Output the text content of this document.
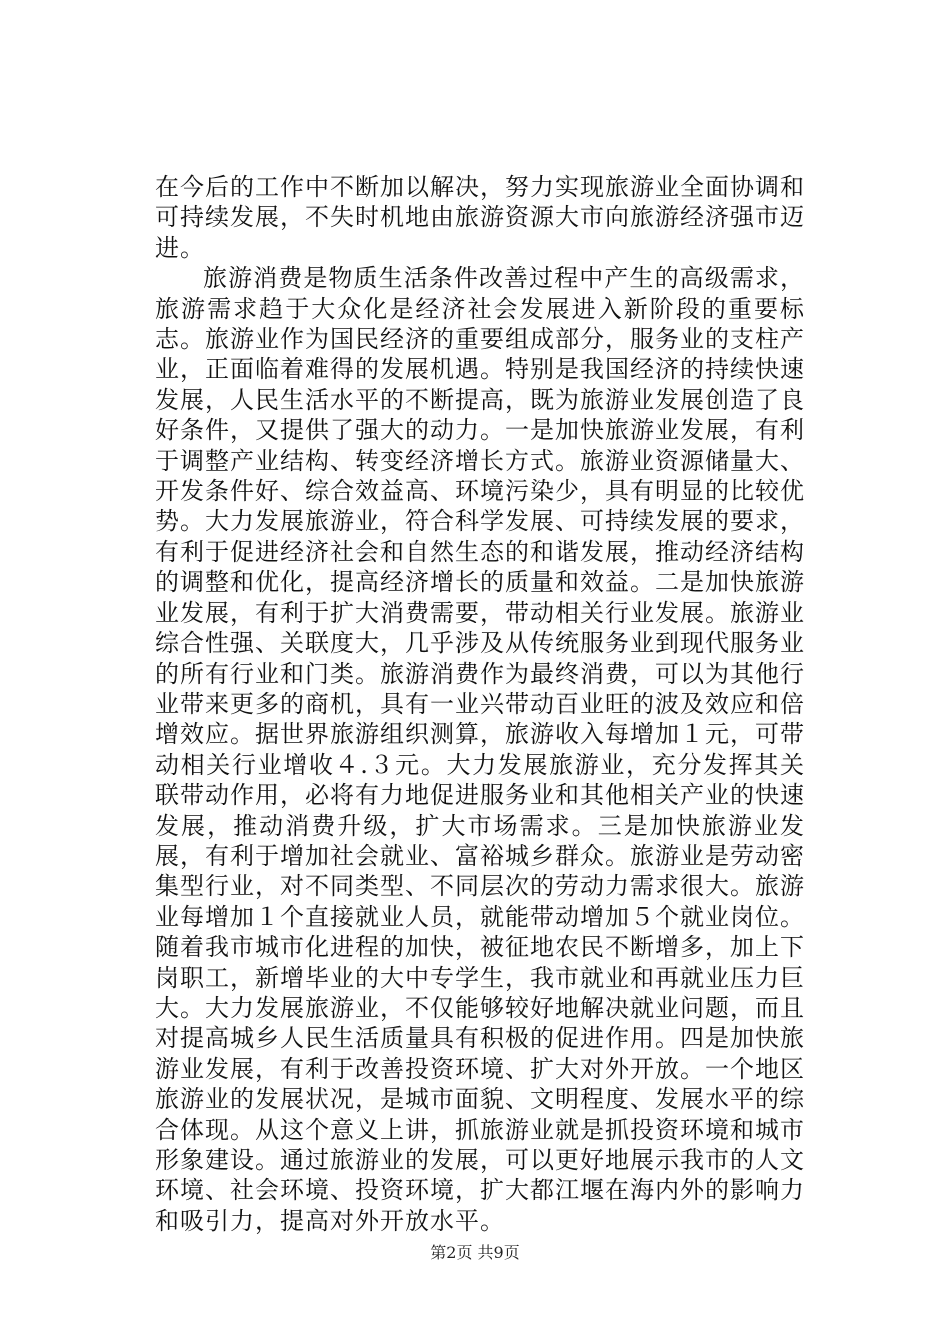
在今后的工作中不断加以解决，努力实现旅游业全面协调和可持续发展，不失时机地由旅游资源大市向旅游经济强市迈进。

旅游消费是物质生活条件改善过程中产生的高级需求，旅游需求趋于大众化是经济社会发展进入新阶段的重要标志。旅游业作为国民经济的重要组成部分，服务业的支柱产业，正面临着难得的发展机遇。特别是我国经济的持续快速发展，人民生活水平的不断提高，既为旅游业发展创造了良好条件，又提供了强大的动力。一是加快旅游业发展，有利于调整产业结构、转变经济增长方式。旅游业资源储量大、开发条件好、综合效益高、环境污染少，具有明显的比较优势。大力发展旅游业，符合科学发展、可持续发展的要求，有利于促进经济社会和自然生态的和谐发展，推动经济结构的调整和优化，提高经济增长的质量和效益。二是加快旅游业发展，有利于扩大消费需要，带动相关行业发展。旅游业综合性强、关联度大，几乎涉及从传统服务业到现代服务业的所有行业和门类。旅游消费作为最终消费，可以为其他行业带来更多的商机，具有一业兴带动百业旺的波及效应和倍增效应。据世界旅游组织测算，旅游收入每增加１元，可带动相关行业增收４.３元。大力发展旅游业，充分发挥其关联带动作用，必将有力地促进服务业和其他相关产业的快速发展，推动消费升级，扩大市场需求。三是加快旅游业发展，有利于增加社会就业、富裕城乡群众。旅游业是劳动密集型行业，对不同类型、不同层次的劳动力需求很大。旅游业每增加１个直接就业人员，就能带动增加５个就业岗位。随着我市城市化进程的加快，被征地农民不断增多，加上下岗职工，新增毕业的大中专学生，我市就业和再就业压力巨大。大力发展旅游业，不仅能够较好地解决就业问题，而且对提高城乡人民生活质量具有积极的促进作用。四是加快旅游业发展，有利于改善投资环境、扩大对外开放。一个地区旅游业的发展状况，是城市面貌、文明程度、发展水平的综合体现。从这个意义上讲，抓旅游业就是抓投资环境和城市形象建设。通过旅游业的发展，可以更好地展示我市的人文环境、社会环境、投资环境，扩大都江堰在海内外的影响力和吸引力，提高对外开放水平。

第2页 共9页
